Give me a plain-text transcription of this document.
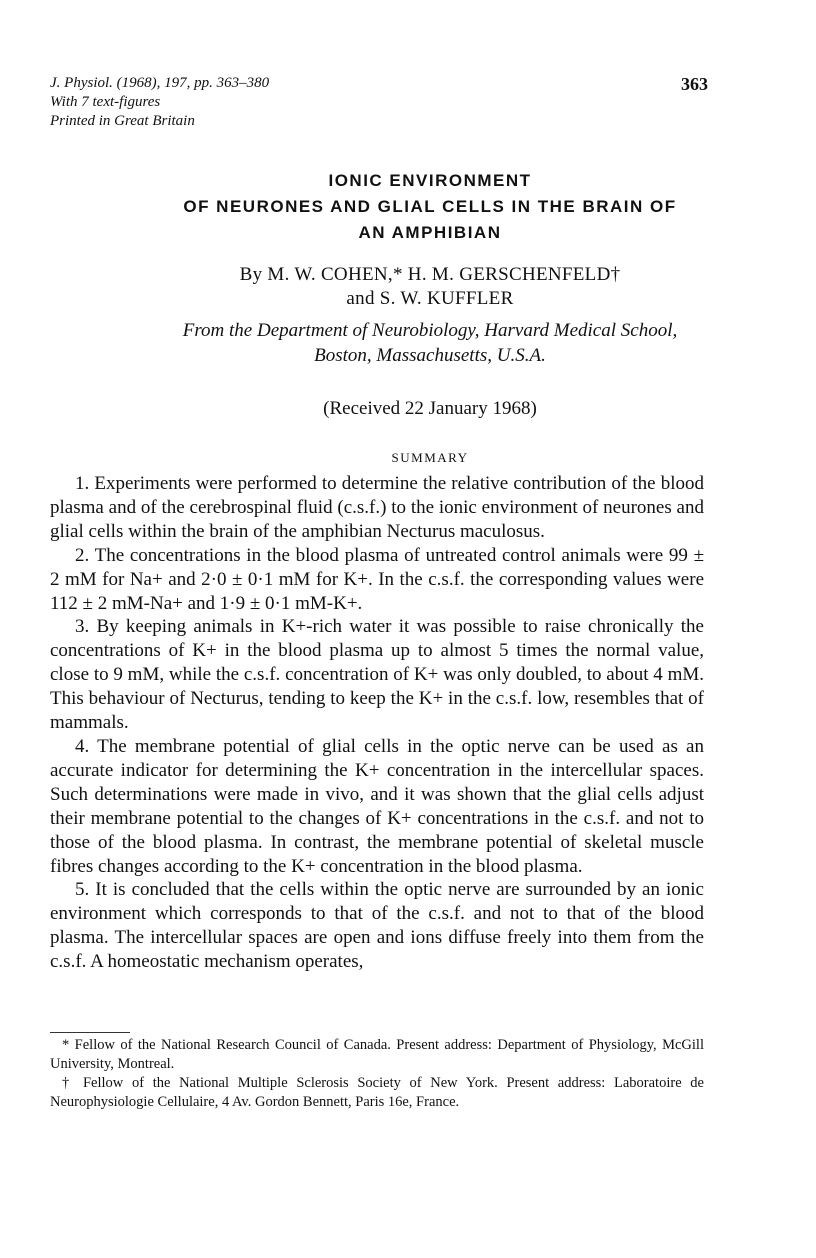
J. Physiol. (1968), 197, pp. 363–380
With 7 text-figures
Printed in Great Britain
363
IONIC ENVIRONMENT
OF NEURONES AND GLIAL CELLS IN THE BRAIN OF
AN AMPHIBIAN
By M. W. COHEN,* H. M. GERSCHENFELD†
and S. W. KUFFLER
From the Department of Neurobiology, Harvard Medical School,
Boston, Massachusetts, U.S.A.
(Received 22 January 1968)
SUMMARY

1. Experiments were performed to determine the relative contribution of the blood plasma and of the cerebrospinal fluid (c.s.f.) to the ionic environment of neurones and glial cells within the brain of the amphibian Necturus maculosus.

2. The concentrations in the blood plasma of untreated control animals were 99 ± 2 mM for Na+ and 2·0 ± 0·1 mM for K+. In the c.s.f. the corresponding values were 112 ± 2 mM-Na+ and 1·9 ± 0·1 mM-K+.

3. By keeping animals in K+-rich water it was possible to raise chronically the concentrations of K+ in the blood plasma up to almost 5 times the normal value, close to 9 mM, while the c.s.f. concentration of K+ was only doubled, to about 4 mM. This behaviour of Necturus, tending to keep the K+ in the c.s.f. low, resembles that of mammals.

4. The membrane potential of glial cells in the optic nerve can be used as an accurate indicator for determining the K+ concentration in the intercellular spaces. Such determinations were made in vivo, and it was shown that the glial cells adjust their membrane potential to the changes of K+ concentrations in the c.s.f. and not to those of the blood plasma. In contrast, the membrane potential of skeletal muscle fibres changes according to the K+ concentration in the blood plasma.

5. It is concluded that the cells within the optic nerve are surrounded by an ionic environment which corresponds to that of the c.s.f. and not to that of the blood plasma. The intercellular spaces are open and ions diffuse freely into them from the c.s.f. A homeostatic mechanism operates,

* Fellow of the National Research Council of Canada. Present address: Department of Physiology, McGill University, Montreal.

† Fellow of the National Multiple Sclerosis Society of New York. Present address: Laboratoire de Neurophysiologie Cellulaire, 4 Av. Gordon Bennett, Paris 16e, France.
